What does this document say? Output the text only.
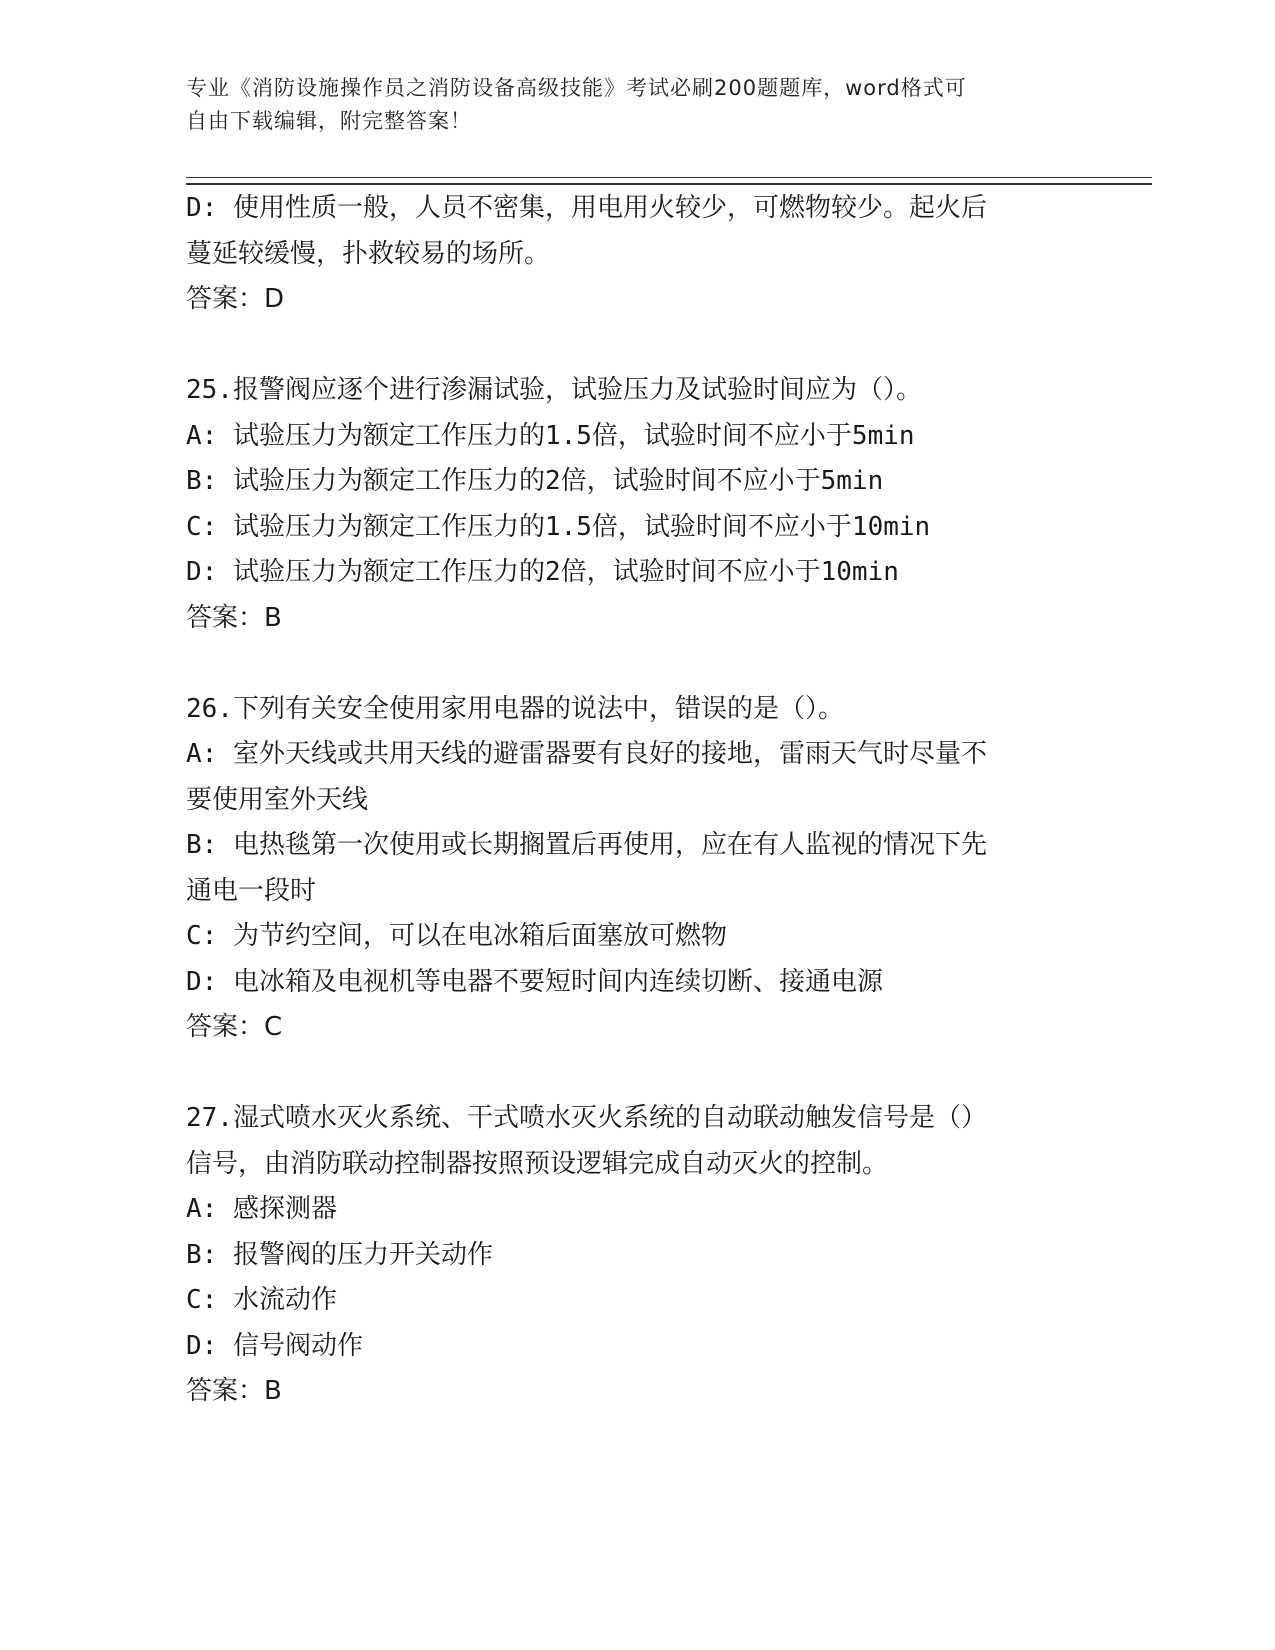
专业《消防设施操作员之消防设备高级技能》考试必刷200题题库，word格式可
自由下载编辑，附完整答案！

D: 使用性质一般，人员不密集，用电用火较少，可燃物较少。起火后

蔓延较缓慢，扑救较易的场所。

答案：D

25.报警阀应逐个进行渗漏试验，试验压力及试验时间应为（）。

A: 试验压力为额定工作压力的1.5倍，试验时间不应小于5min

B: 试验压力为额定工作压力的2倍，试验时间不应小于5min

C: 试验压力为额定工作压力的1.5倍，试验时间不应小于10min

D: 试验压力为额定工作压力的2倍，试验时间不应小于10min

答案：B

26.下列有关安全使用家用电器的说法中，错误的是（）。

A: 室外天线或共用天线的避雷器要有良好的接地，雷雨天气时尽量不

要使用室外天线

B: 电热毯第一次使用或长期搁置后再使用，应在有人监视的情况下先

通电一段时

C: 为节约空间，可以在电冰箱后面塞放可燃物

D: 电冰箱及电视机等电器不要短时间内连续切断、接通电源

答案：C

27.湿式喷水灭火系统、干式喷水灭火系统的自动联动触发信号是（）

信号，由消防联动控制器按照预设逻辑完成自动灭火的控制。

A: 感探测器

B: 报警阀的压力开关动作

C: 水流动作

D: 信号阀动作

答案：B
